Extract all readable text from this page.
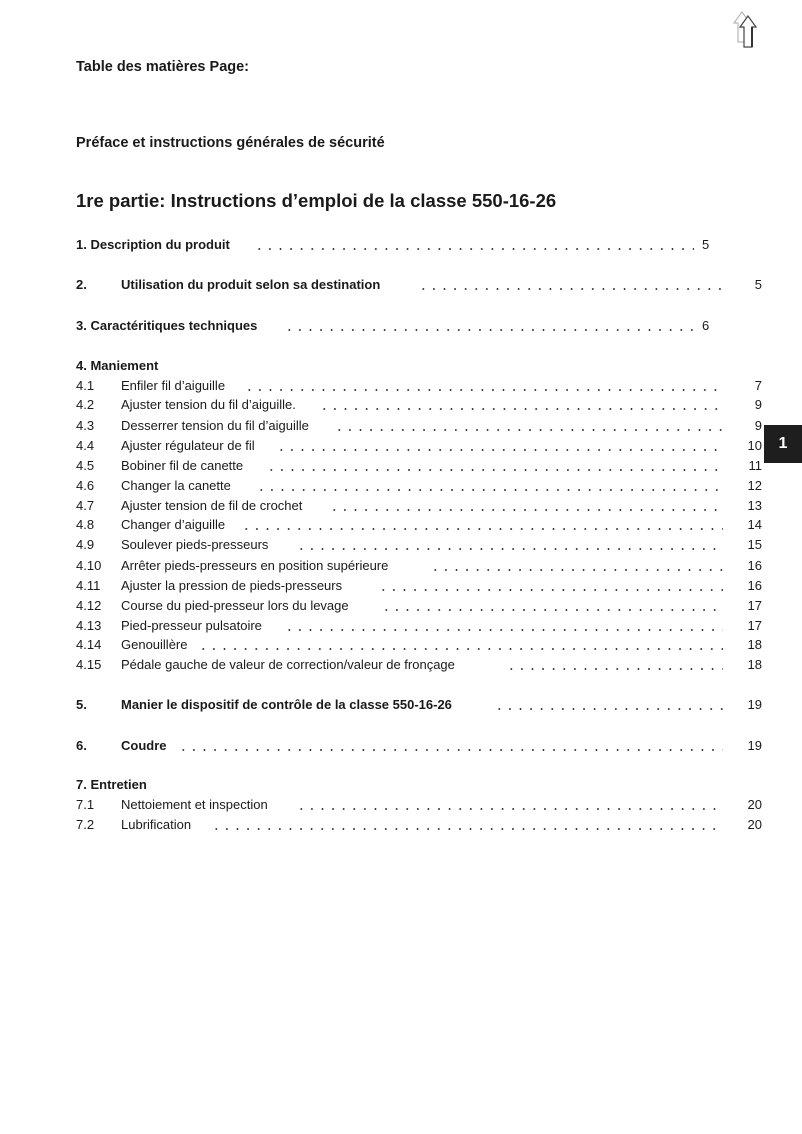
Table des matières Page:
Préface et instructions générales de sécurité
1re partie: Instructions d’emploi de la classe 550-16-26
1. Description du produit	5
2.	Utilisation du produit selon sa destination	5
3. Caractéritiques techniques	6
4. Maniement
4.1 Enfiler fil d’aiguille	7
4.2 Ajuster tension du fil d’aiguille.	9
4.3 Desserrer tension du fil d’aiguille	9
4.4 Ajuster régulateur de fil	10
4.5 Bobiner fil de canette	11
4.6 Changer la canette	12
4.7 Ajuster tension de fil de crochet	13
4.8 Changer d’aiguille	14
4.9 Soulever pieds-presseurs	15
4.10 Arrêter pieds-presseurs en position supérieure	16
4.11 Ajuster la pression de pieds-presseurs	16
4.12 Course du pied-presseur lors du levage	17
4.13 Pied-presseur pulsatoire	17
4.14 Genouillère	18
4.15 Pédale gauche de valeur de correction/valeur de fronçage	18
5.	Manier le dispositif de contrôle de la classe 550-16-26	19
6.	Coudre	19
7. Entretien
7.1 Nettoiement et inspection	20
7.2 Lubrification	20
1
